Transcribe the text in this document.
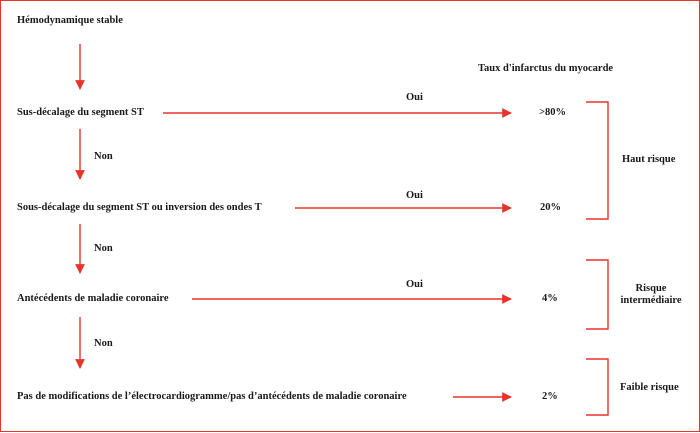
Hémodynamique stable
Sus-décalage du segment ST
Sous-décalage du segment ST ou inversion des ondes T
Antécédents de maladie coronaire
Pas de modifications de l’électrocardiogramme/pas d’antécédents de maladie coronaire
Non
Non
Non
Oui
Oui
Oui
Taux d'infarctus du myocarde
>80%
20%
4%
2%
Haut risque
Risque
intermédiaire
Faible risque
